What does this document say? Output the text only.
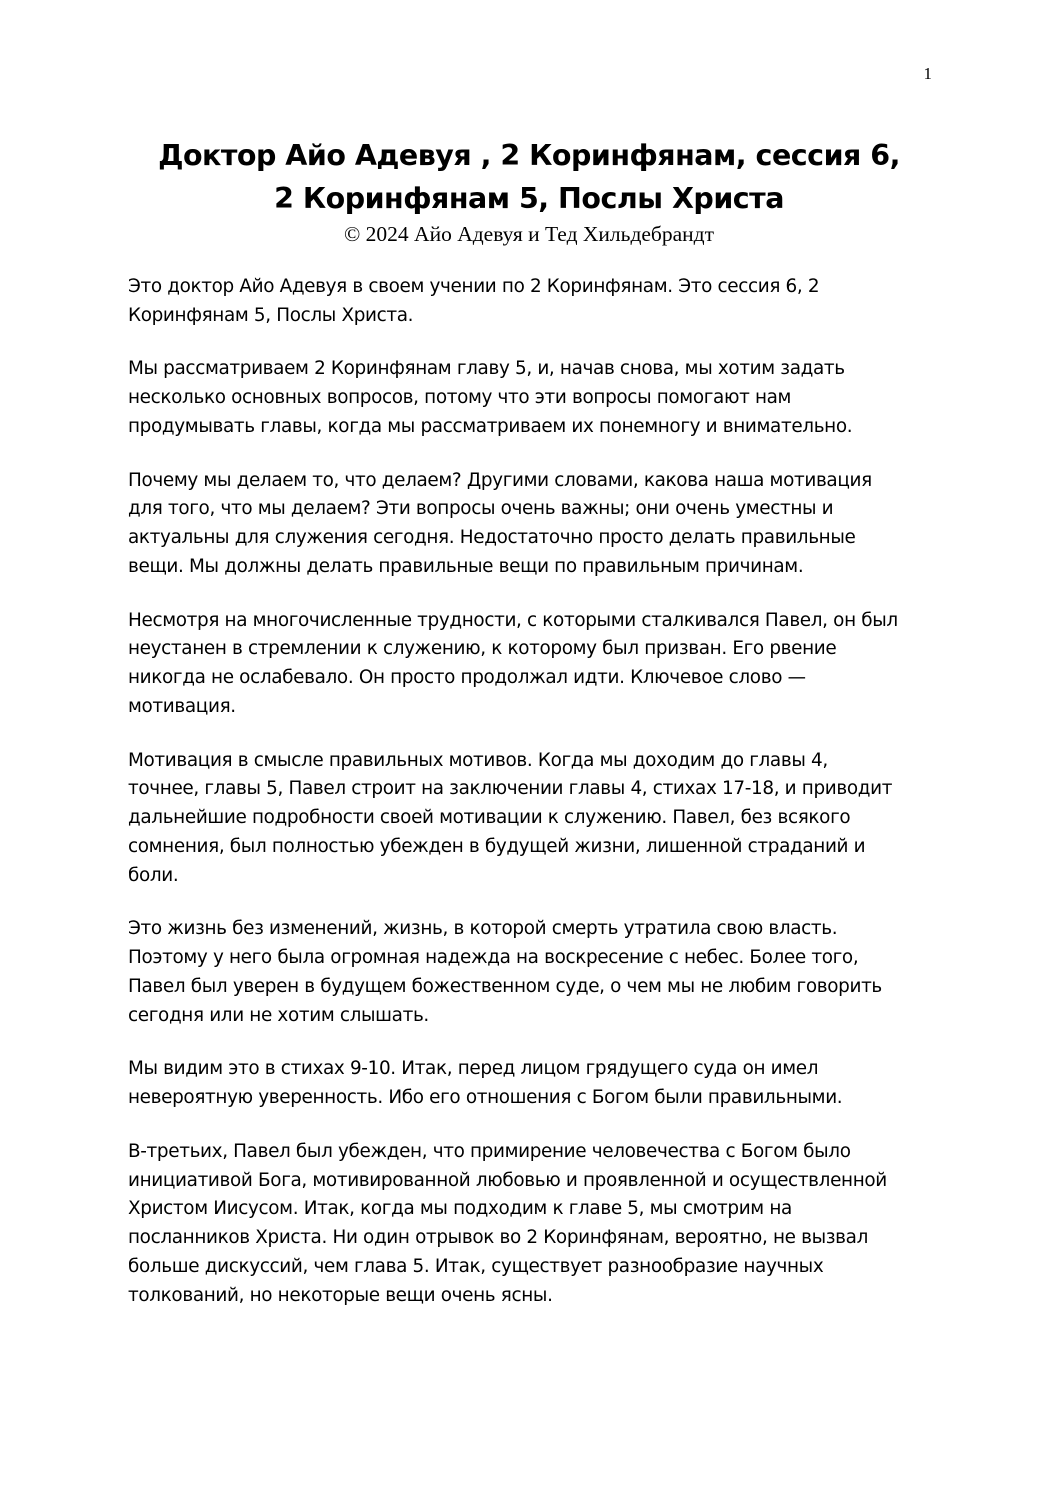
1
Доктор Айо Адевуя , 2 Коринфянам, сессия 6,
2 Коринфянам 5, Послы Христа
© 2024 Айо Адевуя и Тед Хильдебрандт

Это доктор Айо Адевуя в своем учении по 2 Коринфянам. Это сессия 6, 2
Коринфянам 5, Послы Христа.

Мы рассматриваем 2 Коринфянам главу 5, и, начав снова, мы хотим задать
несколько основных вопросов, потому что эти вопросы помогают нам
продумывать главы, когда мы рассматриваем их понемногу и внимательно.

Почему мы делаем то, что делаем? Другими словами, какова наша мотивация
для того, что мы делаем? Эти вопросы очень важны; они очень уместны и
актуальны для служения сегодня. Недостаточно просто делать правильные
вещи. Мы должны делать правильные вещи по правильным причинам.

Несмотря на многочисленные трудности, с которыми сталкивался Павел, он был
неустанен в стремлении к служению, к которому был призван. Его рвение
никогда не ослабевало. Он просто продолжал идти. Ключевое слово —
мотивация.

Мотивация в смысле правильных мотивов. Когда мы доходим до главы 4,
точнее, главы 5, Павел строит на заключении главы 4, стихах 17-18, и приводит
дальнейшие подробности своей мотивации к служению. Павел, без всякого
сомнения, был полностью убежден в будущей жизни, лишенной страданий и
боли.

Это жизнь без изменений, жизнь, в которой смерть утратила свою власть.
Поэтому у него была огромная надежда на воскресение с небес. Более того,
Павел был уверен в будущем божественном суде, о чем мы не любим говорить
сегодня или не хотим слышать.

Мы видим это в стихах 9-10. Итак, перед лицом грядущего суда он имел
невероятную уверенность. Ибо его отношения с Богом были правильными.

В-третьих, Павел был убежден, что примирение человечества с Богом было
инициативой Бога, мотивированной любовью и проявленной и осуществленной
Христом Иисусом. Итак, когда мы подходим к главе 5, мы смотрим на
посланников Христа. Ни один отрывок во 2 Коринфянам, вероятно, не вызвал
больше дискуссий, чем глава 5. Итак, существует разнообразие научных
толкований, но некоторые вещи очень ясны.
